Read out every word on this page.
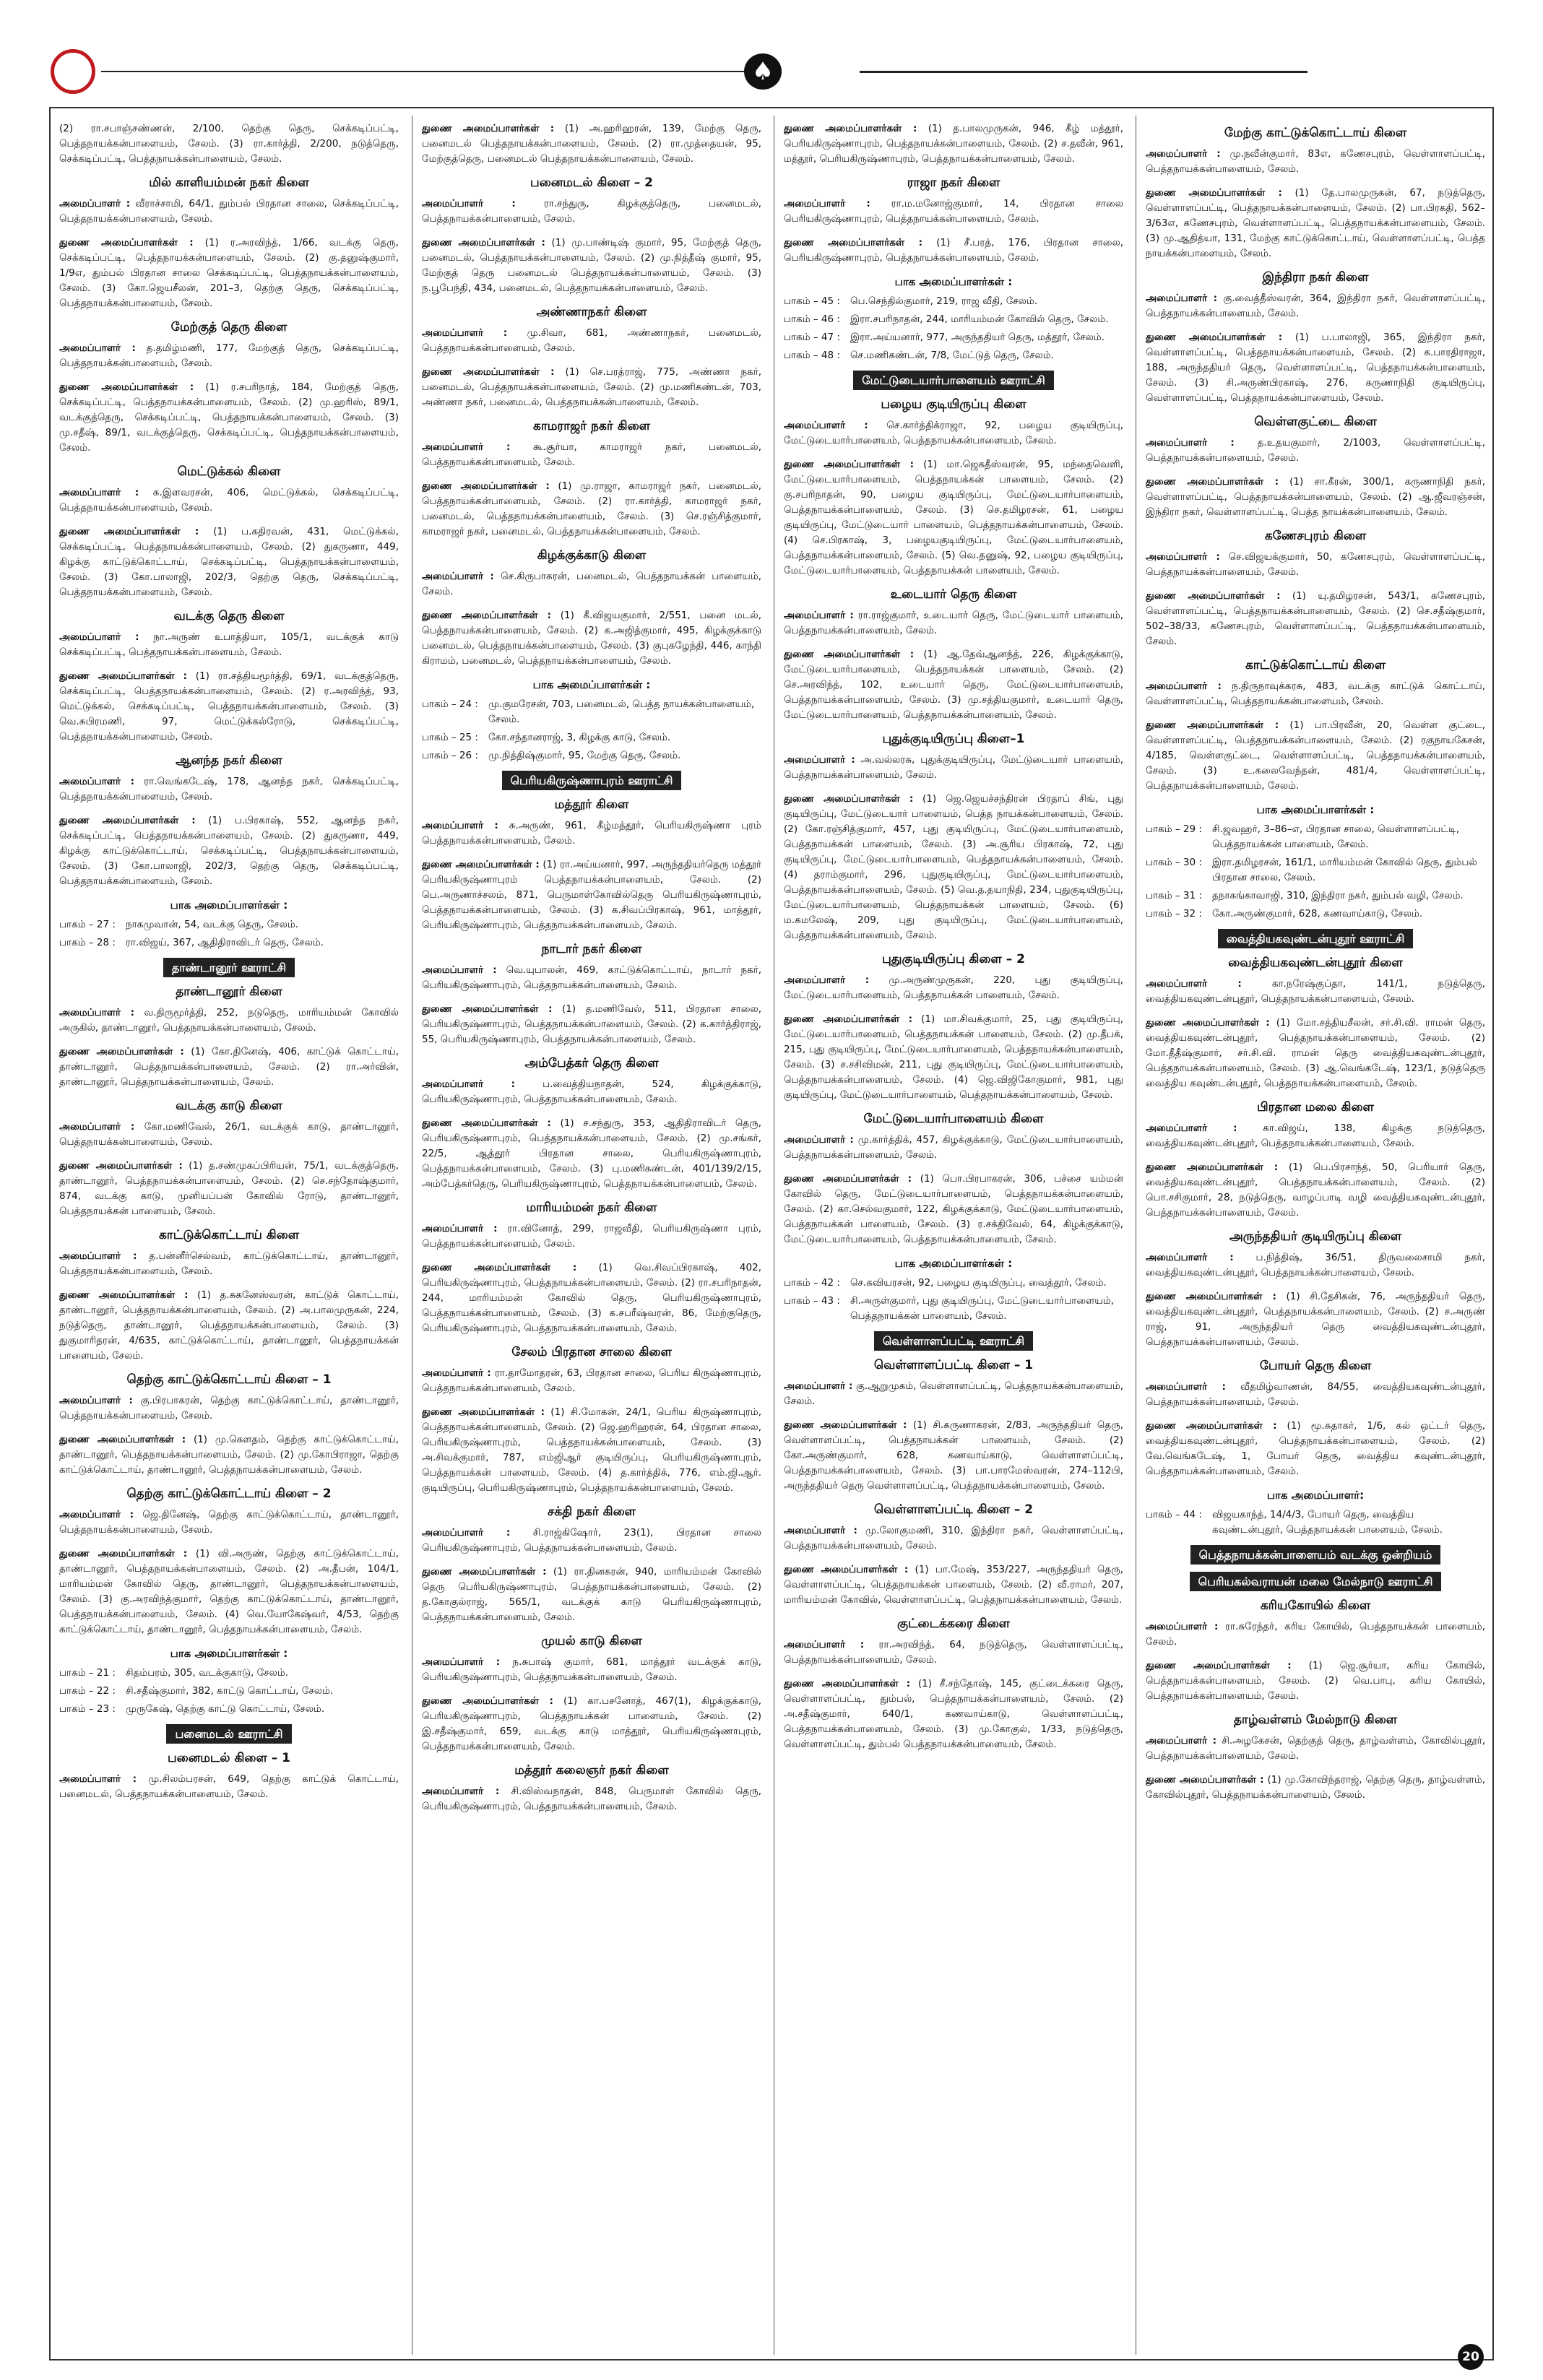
♠
(2) ரா.சபாஞ்சண்ணன், 2/100, தெற்கு தெரு, செக்கடிப்பட்டி, பெத்தநாயக்கன்பாளையம், சேலம். (3) ரா.கார்த்தி, 2/200, நடுத்தெரு, செக்கடிப்பட்டி, பெத்தநாயக்கன்பாளையம், சேலம்.
மில் காளியம்மன் நகர் கிளை
அமைப்பாளர் : வீராச்சாமி, 64/1, தும்பல் பிரதான சாலை, செக்கடிப்பட்டி, பெத்தநாயக்கன்பாளையம், சேலம்.
துணை அமைப்பாளர்கள் : (1) ர.அரவிந்த், 1/66, வடக்கு தெரு, செக்கடிப்பட்டி, பெத்தநாயக்கன்பாளையம், சேலம். (2) கு.தனுஷ்குமார், 1/9எ, தும்பல் பிரதான சாலை செக்கடிப்பட்டி, பெத்தநாயக்கன்பாளையம், சேலம். (3) கோ.ஜெயசீலன், 201–3, தெற்கு தெரு, செக்கடிப்பட்டி, பெத்தநாயக்கன்பாளையம், சேலம்.
மேற்குத் தெரு கிளை
அமைப்பாளர் : த.தமிழ்மணி, 177, மேற்குத் தெரு, செக்கடிப்பட்டி, பெத்தநாயக்கன்பாளையம், சேலம்.
துணை அமைப்பாளர்கள் : (1) ர.சபரிநாத், 184, மேற்குத் தெரு, செக்கடிப்பட்டி, பெத்தநாயக்கன்பாளையம், சேலம். (2) மு.ஹரிஸ், 89/1, வடக்குத்தெரு, செக்கடிப்பட்டி, பெத்தநாயக்கன்பாளையம், சேலம். (3) மு.சதீஷ், 89/1, வடக்குத்தெரு, செக்கடிப்பட்டி, பெத்தநாயக்கன்பாளையம், சேலம்.
மெட்டுக்கல் கிளை
அமைப்பாளர் : சு.இளவரசன், 406, மெட்டுக்கல், செக்கடிப்பட்டி, பெத்தநாயக்கன்பாளையம், சேலம்.
துணை அமைப்பாளர்கள் : (1) ப.கதிரவன், 431, மெட்டுக்கல், செக்கடிப்பட்டி, பெத்தநாயக்கன்பாளையம், சேலம். (2) துகருணா, 449, கிழக்கு காட்டுக்கொட்டாய், செக்கடிப்பட்டி, பெத்தநாயக்கன்பாளையம், சேலம். (3) கோ.பாலாஜி, 202/3, தெற்கு தெரு, செக்கடிப்பட்டி, பெத்தநாயக்கன்பாளையம், சேலம்.
வடக்கு தெரு கிளை
அமைப்பாளர் : நா.அருண் உபாத்தியா, 105/1, வடக்குக் காடு செக்கடிப்பட்டி, பெத்தநாயக்கன்பாளையம், சேலம்.
துணை அமைப்பாளர்கள் : (1) ரா.சத்தியமூர்த்தி, 69/1, வடக்குத்தெரு, செக்கடிப்பட்டி, பெத்தநாயக்கன்பாளையம், சேலம். (2) ர.அரவிந்த், 93, மெட்டுக்கல், செக்கடிப்பட்டி, பெத்தநாயக்கன்பாளையம், சேலம். (3) வெ.சுபிரமணி, 97, மெட்டுக்கல்ரோடு, செக்கடிப்பட்டி, பெத்தநாயக்கன்பாளையம், சேலம்.
ஆனந்த நகர் கிளை
அமைப்பாளர் : ரா.வெங்கடேஷ், 178, ஆனந்த நகர், செக்கடிப்பட்டி, பெத்தநாயக்கன்பாளையம், சேலம்.
துணை அமைப்பாளர்கள் : (1) ப.பிரகாஷ், 552, ஆனந்த நகர், செக்கடிப்பட்டி, பெத்தநாயக்கன்பாளையம், சேலம். (2) துகருணா, 449, கிழக்கு காட்டுக்கொட்டாய், செக்கடிப்பட்டி, பெத்தநாயக்கன்பாளையம், சேலம். (3) கோ.பாலாஜி, 202/3, தெற்கு தெரு, செக்கடிப்பட்டி, பெத்தநாயக்கன்பாளையம், சேலம்.
பாக அமைப்பாளர்கள் :
பாகம் – 27 :	நாகமுவான், 54, வடக்கு தெரு, சேலம்.
பாகம் – 28 :	ரா.விஜய், 367, ஆதிதிராவிடர் தெரு, சேலம்.
தாண்டானூர் ஊராட்சி
தாண்டானூர் கிளை
அமைப்பாளர் : வ.திருமூர்த்தி, 252, நடுதெரு, மாரியம்மன் கோவில் அருகில், தாண்டானூர், பெத்தநாயக்கன்பாளையம், சேலம்.
துணை அமைப்பாளர்கள் : (1) கோ.தினேஷ், 406, காட்டுக் கொட்டாய், தாண்டானூர், பெத்தநாயக்கன்பாளையம், சேலம். (2) ரா.அர்வின், தாண்டானூர், பெத்தநாயக்கன்பாளையம், சேலம்.
வடக்கு காடு கிளை
அமைப்பாளர் : கோ.மணிவேல், 26/1, வடக்குக் காடு, தாண்டானூர், பெத்தநாயக்கன்பாளையம், சேலம்.
துணை அமைப்பாளர்கள் : (1) த.சண்முகப்பிரியன், 75/1, வடக்குத்தெரு, தாண்டானூர், பெத்தநாயக்கன்பாளையம், சேலம். (2) செ.சந்தோஷ்குமார், 874, வடக்கு காடு, முனியப்பன் கோவில் ரோடு, தாண்டானூர், பெத்தநாயக்கன் பாளையம், சேலம்.
காட்டுக்கொட்டாய் கிளை
அமைப்பாளர் : த.பன்னீர்செல்வம், காட்டுக்கொட்டாய், தாண்டானூர், பெத்தநாயக்கன்பாளையம், சேலம்.
துணை அமைப்பாளர்கள் : (1) த.சுகனேஸ்வரன், காட்டுக் கொட்டாய், தாண்டானூர், பெத்தநாயக்கன்பாளையம், சேலம். (2) அ.பாலமுருகன், 224, நடுத்தெரு, தாண்டானூர், பெத்தநாயக்கன்பாளையம், சேலம். (3) துகுமாரிதரன், 4/635, காட்டுக்கொட்டாய், தாண்டானூர், பெத்தநாயக்கன் பாளையம், சேலம்.
தெற்கு காட்டுக்கொட்டாய் கிளை – 1
அமைப்பாளர் : கு.பிரபாகரன், தெற்கு காட்டுக்கொட்டாய், தாண்டானூர், பெத்தநாயக்கன்பாளையம், சேலம்.
துணை அமைப்பாளர்கள் : (1) மு.கௌதம், தெற்கு காட்டுக்கொட்டாய், தாண்டானூர், பெத்தநாயக்கன்பாளையம், சேலம். (2) மு.கோபிராஜா, தெற்கு காட்டுக்கொட்டாய், தாண்டானூர், பெத்தநாயக்கன்பாளையம், சேலம்.
தெற்கு காட்டுக்கொட்டாய் கிளை – 2
அமைப்பாளர் : ஜெ.தினேஷ், தெற்கு காட்டுக்கொட்டாய், தாண்டானூர், பெத்தநாயக்கன்பாளையம், சேலம்.
துணை அமைப்பாளர்கள் : (1) வி.அருண், தெற்கு காட்டுக்கொட்டாய், தாண்டானூர், பெத்தநாயக்கன்பாளையம், சேலம். (2) அ.தீபன், 104/1, மாரியம்மன் கோவில் தெரு, தாண்டானூர், பெத்தநாயக்கன்பாளையம், சேலம். (3) கு.அரவிந்த்குமார், தெற்கு காட்டுக்கொட்டாய், தாண்டானூர், பெத்தநாயக்கன்பாளையம், சேலம். (4) வெ.யோகேஷ்வர், 4/53, தெற்கு காட்டுக்கொட்டாய், தாண்டானூர், பெத்தநாயக்கன்பாளையம், சேலம்.
பாக அமைப்பாளர்கள் :
பாகம் – 21 :	சிதம்பரம், 305, வடக்குகாடு, சேலம்.
பாகம் – 22 :	சி.சதீஷ்குமார், 382, காட்டு கொட்டாய், சேலம்.
பாகம் – 23 :	முருகேஷ், தெற்கு காட்டு கொட்டாய், சேலம்.
பனைமடல் ஊராட்சி
பனைமடல் கிளை – 1
அமைப்பாளர் : மு.சிலம்பரசன், 649, தெற்கு காட்டுக் கொட்டாய், பனைமடல், பெத்தநாயக்கன்பாளையம், சேலம்.
துணை அமைப்பாளர்கள் : (1) அ.ஹரிஹரன், 139, மேற்கு தெரு, பனைமடல் பெத்தநாயக்கன்பாளையம், சேலம். (2) ரா.முத்தையன், 95, மேற்குத்தெரு, பனைமடல் பெத்தநாயக்கன்பாளையம், சேலம்.
பனைமடல் கிளை – 2
அமைப்பாளர் :	ரா.சந்துரு, கிழக்குத்தெரு, பனைமடல், பெத்தநாயக்கன்பாளையம், சேலம்.
துணை அமைப்பாளர்கள் : (1) மு.பாண்டிஷ் குமார், 95, மேற்குத் தெரு, பனைமடல், பெத்தநாயக்கன்பாளையம், சேலம். (2) மு.நித்தீஷ் குமார், 95, மேற்குத் தெரு பனைமடல் பெத்தநாயக்கன்பாளையம், சேலம். (3) ந.பூபேந்தி, 434, பனைமடல், பெத்தநாயக்கன்பாளையம், சேலம்.
அண்ணாநகர் கிளை
அமைப்பாளர் : மு.சிவா, 681, அண்ணாநகர், பனைமடல், பெத்தநாயக்கன்பாளையம், சேலம்.
துணை அமைப்பாளர்கள் : (1) செ.பரத்ராஜ், 775, அண்ணா நகர், பனைமடல், பெத்தநாயக்கன்பாளையம், சேலம். (2) மு.மணிகண்டன், 703, அண்ணா நகர், பனைமடல், பெத்தநாயக்கன்பாளையம், சேலம்.
காமராஜர் நகர் கிளை
அமைப்பாளர் : கூ.சூர்யா, காமராஜர் நகர், பனைமடல், பெத்தநாயக்கன்பாளையம், சேலம்.
துணை அமைப்பாளர்கள் : (1) மு.ராஜா, காமராஜர் நகர், பனைமடல், பெத்தநாயக்கன்பாளையம், சேலம். (2) ரா.கார்த்தி, காமராஜர் நகர், பனைமடல், பெத்தநாயக்கன்பாளையம், சேலம். (3) செ.ரஞ்சித்குமார், காமராஜர் நகர், பனைமடல், பெத்தநாயக்கன்பாளையம், சேலம்.
கிழக்குக்காடு கிளை
அமைப்பாளர் : செ.கிருபாகரன், பனைமடல், பெத்தநாயக்கன் பாளையம், சேலம்.
துணை அமைப்பாளர்கள் : (1) கீ.விஜயகுமார், 2/551, பனை மடல், பெத்தநாயக்கன்பாளையம், சேலம். (2) க.அஜித்குமார், 495, கிழக்குக்காடு பனைமடல், பெத்தநாயக்கன்பாளையம், சேலம். (3) குபுகழேந்தி, 446, காந்தி கிராமம், பனைமடல், பெத்தநாயக்கன்பாளையம், சேலம்.
பாக அமைப்பாளர்கள் :
பாகம் – 24 :	மு.குமரேசன், 703, பனைமடல், பெத்த நாயக்கன்பாளையம், சேலம்.
பாகம் – 25 :	கோ.சந்தானராஜ், 3, கிழக்கு காடு, சேலம்.
பாகம் – 26 :	மு.நித்திஷ்குமார், 95, மேற்கு தெரு, சேலம்.
பெரியகிருஷ்ணாபுரம் ஊராட்சி
மத்தூர் கிளை
அமைப்பாளர் : சு.அருண், 961, கீழ்மத்தூர், பெரியகிருஷ்ணா புரம் பெத்தநாயக்கன்பாளையம், சேலம்.
துணை அமைப்பாளர்கள் : (1) ரா.அய்யனார், 997, அருந்ததியர்தெரு மத்தூர் பெரியகிருஷ்ணாபுரம் பெத்தநாயக்கன்பாளையம், சேலம். (2) பெ.அருணாச்சலம், 871, பெருமாள்கோவில்தெரு பெரியகிருஷ்ணாபுரம், பெத்தநாயக்கன்பாளையம், சேலம். (3) க.சிவப்பிரகாஷ், 961, மாத்தூர், பெரியகிருஷ்ணாபுரம், பெத்தநாயக்கன்பாளையம், சேலம்.
நாடார் நகர் கிளை
அமைப்பாளர் : வெ.யுபாலன், 469, காட்டுக்கொட்டாய், நாடார் நகர், பெரியகிருஷ்ணாபுரம், பெத்தநாயக்கன்பாளையம், சேலம்.
துணை அமைப்பாளர்கள் : (1) த.மணிவேல், 511, பிரதான சாலை, பெரியகிருஷ்ணாபுரம், பெத்தநாயக்கன்பாளையம், சேலம். (2) க.கார்த்திராஜ், 55, பெரியகிருஷ்ணாபுரம், பெத்தநாயக்கன்பாளையம், சேலம்.
அம்பேத்கர் தெரு கிளை
அமைப்பாளர் :	ப.வைத்தியநாதன், 524, கிழக்குக்காடு, பெரியகிருஷ்ணாபுரம், பெத்தநாயக்கன்பாளையம், சேலம்.
துணை அமைப்பாளர்கள் : (1) ச.சந்துரு, 353, ஆதிதிராவிடர் தெரு, பெரியகிருஷ்ணாபுரம், பெத்தநாயக்கன்பாளையம், சேலம். (2) மு.சங்கர், 22/5, ஆத்தூர் பிரதான சாலை, பெரியகிருஷ்ணாபுரம், பெத்தநாயக்கன்பாளையம், சேலம். (3) பு.மணிகண்டன், 401/139/2/15, அம்பேத்கர்தெரு, பெரியகிருஷ்ணாபுரம், பெத்தநாயக்கன்பாளையம், சேலம்.
மாரியம்மன் நகர் கிளை
அமைப்பாளர் : ரா.வினோத், 299, ராஜவீதி, பெரியகிருஷ்ணா புரம், பெத்தநாயக்கன்பாளையம், சேலம்.
துணை அமைப்பாளர்கள் : (1) வெ.சிவப்பிரகாஷ், 402, பெரியகிருஷ்ணாபுரம், பெத்தநாயக்கன்பாளையம், சேலம். (2) ரா.சபரிநாதன், 244, மாரியம்மன் கோவில் தெரு, பெரியகிருஷ்ணாபுரம், பெத்தநாயக்கன்பாளையம், சேலம். (3) க.சபரீஷ்வரன், 86, மேற்குதெரு, பெரியகிருஷ்ணாபுரம், பெத்தநாயக்கன்பாளையம், சேலம்.
சேலம் பிரதான சாலை கிளை
அமைப்பாளர் : ரா.தாமோதரன், 63, பிரதான சாலை, பெரிய கிருஷ்ணாபுரம், பெத்தநாயக்கன்பாளையம், சேலம்.
துணை அமைப்பாளர்கள் : (1) சி.மோகன், 24/1, பெரிய கிருஷ்ணாபுரம், பெத்தநாயக்கன்பாளையம், சேலம். (2) ஜெ.ஹரிஹரன், 64, பிரதான சாலை, பெரியகிருஷ்ணாபுரம், பெத்தநாயக்கன்பாளையம், சேலம். (3) அ.சிவக்குமார், 787, எம்ஜிஆர் குடியிருப்பு, பெரியகிருஷ்ணாபுரம், பெத்தநாயக்கன் பாளையம், சேலம். (4) த.கார்த்திக், 776, எம்.ஜி.ஆர். குடியிருப்பு, பெரியகிருஷ்ணாபுரம், பெத்தநாயக்கன்பாளையம், சேலம்.
சக்தி நகர் கிளை
அமைப்பாளர் : சி.ராஜ்கிஷோர், 23(1), பிரதான சாலை பெரியகிருஷ்ணாபுரம், பெத்தநாயக்கன்பாளையம், சேலம்.
துணை அமைப்பாளர்கள் : (1) ரா.தினகரன், 940, மாரியம்மன் கோவில் தெரு பெரியகிருஷ்ணாபுரம், பெத்தநாயக்கன்பாளையம், சேலம். (2) த.கோகுல்ராஜ், 565/1, வடக்குக் காடு பெரியகிருஷ்ணாபுரம், பெத்தநாயக்கன்பாளையம், சேலம்.
முயல் காடு கிளை
அமைப்பாளர் : ந.சுபாஷ் குமார், 681, மாத்தூர் வடக்குக் காடு, பெரியகிருஷ்ணாபுரம், பெத்தநாயக்கன்பாளையம், சேலம்.
துணை அமைப்பாளர்கள் : (1) கா.பசனோத், 467(1), கிழக்குக்காடு, பெரியகிருஷ்ணாபுரம், பெத்தநாயக்கன் பாளையம், சேலம். (2) இ.சதீஷ்குமார், 659, வடக்கு காடு மாத்தூர், பெரியகிருஷ்ணாபுரம், பெத்தநாயக்கன்பாளையம், சேலம்.
மத்தூர் கலைஞர் நகர் கிளை
அமைப்பாளர் : சி.விஸ்வநாதன், 848, பெருமாள் கோவில் தெரு, பெரியகிருஷ்ணாபுரம், பெத்தநாயக்கன்பாளையம், சேலம்.
துணை அமைப்பாளர்கள் : (1) த.பாலமுருகன், 946, கீழ் மத்தூர், பெரியகிருஷ்ணாபுரம், பெத்தநாயக்கன்பாளையம், சேலம். (2) ச.தவீன், 961, மத்தூர், பெரியகிருஷ்ணாபுரம், பெத்தநாயக்கன்பாளையம், சேலம்.
ராஜா நகர் கிளை
அமைப்பாளர் : ரா.ம.மனோஜ்குமார், 14, பிரதான சாலை பெரியகிருஷ்ணாபுரம், பெத்தநாயக்கன்பாளையம், சேலம்.
துணை அமைப்பாளர்கள் : (1) சீ.பரத், 176, பிரதான சாலை, பெரியகிருஷ்ணாபுரம், பெத்தநாயக்கன்பாளையம், சேலம்.
பாக அமைப்பாளர்கள் :
பாகம் – 45 :	பெ.செந்தில்குமார், 219, ராஜ வீதி, சேலம்.
பாகம் – 46 :	இரா.சபரிநாதன், 244, மாரியம்மன் கோவில் தெரு, சேலம்.
பாகம் – 47 :	இரா.அய்யனார், 977, அருந்ததியர் தெரு, மத்தூர், சேலம்.
பாகம் – 48 :	செ.மணிகண்டன், 7/8, மேட்டுத் தெரு, சேலம்.
மேட்டுடையார்பாளையம் ஊராட்சி
பழைய குடியிருப்பு கிளை
அமைப்பாளர் : செ.கார்த்திக்ராஜா, 92, பழைய குடியிருப்பு, மேட்டுடையார்பாளையம், பெத்தநாயக்கன்பாளையம், சேலம்.
துணை அமைப்பாளர்கள் : (1) மா.ஜெகதீஸ்வரன், 95, மந்தைவெளி, மேட்டுடையார்பாளையம், பெத்தநாயக்கன் பாளையம், சேலம். (2) கு.சபரிநாதன், 90, பழைய குடியிருப்பு, மேட்டுடையார்பாளையம், பெத்தநாயக்கன்பாளையம், சேலம். (3) செ.தமிழரசன், 61, பழைய குடியிருப்பு, மேட்டுடையார் பாளையம், பெத்தநாயக்கன்பாளையம், சேலம். (4) செ.பிரகாஷ், 3, பழையகுடியிருப்பு, மேட்டுடையார்பாளையம், பெத்தநாயக்கன்பாளையம், சேலம். (5) வெ.தனுஷ், 92, பழைய குடியிருப்பு, மேட்டுடையார்பாளையம், பெத்தநாயக்கன் பாளையம், சேலம்.
உடையார் தெரு கிளை
அமைப்பாளர் : ரா.ராஜ்குமார், உடையார் தெரு, மேட்டுடையார் பாளையம், பெத்தநாயக்கன்பாளையம், சேலம்.
துணை அமைப்பாளர்கள் : (1) ஆ.தேவ்ஆனந்த், 226, கிழக்குக்காடு, மேட்டுடையார்பாளையம், பெத்தநாயக்கன் பாளையம், சேலம். (2) செ.அரவிந்த், 102, உடையார் தெரு, மேட்டுடையார்பாளையம், பெத்தநாயக்கன்பாளையம், சேலம். (3) மு.சத்தியகுமார், உடையார் தெரு, மேட்டுடையார்பாளையம், பெத்தநாயக்கன்பாளையம், சேலம்.
புதுக்குடியிருப்பு கிளை–1
அமைப்பாளர் : அ.வல்லரசு, புதுக்குடியிருப்பு, மேட்டுடையார் பாளையம், பெத்தநாயக்கன்பாளையம், சேலம்.
துணை அமைப்பாளர்கள் : (1) ஜெ.ஜெயச்சந்திரன் பிரதாப் சிங், புது குடியிருப்பு, மேட்டுடையார் பாளையம், பெத்த நாயக்கன்பாளையம், சேலம். (2) கோ.ரஞ்சித்குமார், 457, புது குடியிருப்பு, மேட்டுடையார்பாளையம், பெத்தநாயக்கன் பாளையம், சேலம். (3) அ.சூரிய பிரகாஷ், 72, புது குடியிருப்பு, மேட்டுடையார்பாளையம், பெத்தநாயக்கன்பாளையம், சேலம். (4) தராம்குமார், 296, புதுகுடியிருப்பு, மேட்டுடையார்பாளையம், பெத்தநாயக்கன்பாளையம், சேலம். (5) வெ.த.தயாநிதி, 234, புதுகுடியிருப்பு, மேட்டுடையார்பாளையம், பெத்தநாயக்கன் பாளையம், சேலம். (6) ம.கமலேஷ், 209, புது குடியிருப்பு, மேட்டுடையார்பாளையம், பெத்தநாயக்கன்பாளையம், சேலம்.
புதுகுடியிருப்பு கிளை – 2
அமைப்பாளர் : மு.அருண்முருகன், 220, புது குடியிருப்பு, மேட்டுடையார்பாளையம், பெத்தநாயக்கன் பாளையம், சேலம்.
துணை அமைப்பாளர்கள் : (1) மா.சிவக்குமார், 25, புது குடியிருப்பு, மேட்டுடையார்பாளையம், பெத்தநாயக்கன் பாளையம், சேலம். (2) மு.தீபக், 215, புது குடியிருப்பு, மேட்டுடையார்பாளையம், பெத்தநாயக்கன்பாளையம், சேலம். (3) ச.சசிவிமன், 211, புது குடியிருப்பு, மேட்டுடையார்பாளையம், பெத்தநாயக்கன்பாளையம், சேலம். (4) ஜெ.விஜிகோகுமார், 981, புது குடியிருப்பு, மேட்டுடையார்பாளையம், பெத்தநாயக்கன்பாளையம், சேலம்.
மேட்டுடையார்பாளையம் கிளை
அமைப்பாளர் : மு.கார்த்திக், 457, கிழக்குக்காடு, மேட்டுடையார்பாளையம், பெத்தநாயக்கன்பாளையம், சேலம்.
துணை அமைப்பாளர்கள் : (1) பொ.பிரபாகரன், 306, பச்சை யம்மன் கோவில் தெரு, மேட்டுடையார்பாளையம், பெத்தநாயக்கன்பாளையம், சேலம். (2) கா.செல்வகுமார், 122, கிழக்குக்காடு, மேட்டுடையார்பாளையம், பெத்தநாயக்கன் பாளையம், சேலம். (3) ர.சக்திவேல், 64, கிழக்குக்காடு, மேட்டுடையார்பாளையம், பெத்தநாயக்கன்பாளையம், சேலம்.
பாக அமைப்பாளர்கள் :
பாகம் – 42 :	செ.கவியரசன், 92, பழைய குடியிருப்பு, வைத்தூர், சேலம்.
பாகம் – 43 :	சி.அருள்குமார், புது குடியிருப்பு, மேட்டுடையார்பாளையம், பெத்தநாயக்கன் பாளையம், சேலம்.
வெள்ளாளப்பட்டி ஊராட்சி
வெள்ளாளப்பட்டி கிளை – 1
அமைப்பாளர் : கு.ஆறுமுகம், வெள்ளாளப்பட்டி, பெத்தநாயக்கன்பாளையம், சேலம்.
துணை அமைப்பாளர்கள் : (1) சி.கருணாகரன், 2/83, அருந்ததியர் தெரு, வெள்ளாளப்பட்டி, பெத்தநாயக்கன் பாளையம், சேலம். (2) கோ.அருண்குமார், 628, கணவாய்காடு, வெள்ளாளப்பட்டி, பெத்தநாயக்கன்பாளையம், சேலம். (3) பா.பாரமேஸ்வரன், 274–112பி, அருந்ததியர் தெரு வெள்ளாளப்பட்டி, பெத்தநாயக்கன்பாளையம், சேலம்.
வெள்ளாளப்பட்டி கிளை – 2
அமைப்பாளர் : மு.லோகுமணி, 310, இந்திரா நகர், வெள்ளாளப்பட்டி, பெத்தநாயக்கன்பாளையம், சேலம்.
துணை அமைப்பாளர்கள் : (1) பா.மேஷ், 353/227, அருந்ததியர் தெரு, வெள்ளாளப்பட்டி, பெத்தநாயக்கன் பாளையம், சேலம். (2) வீ.ராமர், 207, மாரியம்மன் கோவில், வெள்ளாளப்பட்டி, பெத்தநாயக்கன்பாளையம், சேலம்.
குட்டைக்கரை கிளை
அமைப்பாளர் : ரா.அரவிந்த், 64, நடுத்தெரு, வெள்ளாளப்பட்டி, பெத்தநாயக்கன்பாளையம், சேலம்.
துணை அமைப்பாளர்கள் : (1) சீ.சந்தோஷ், 145, குட்டைக்கரை தெரு, வெள்ளாளப்பட்டி, தும்பல், பெத்தநாயக்கன்பாளையம், சேலம். (2) அ.சதீஷ்குமார், 640/1, கணவாய்காடு, வெள்ளாளப்பட்டி, பெத்தநாயக்கன்பாளையம், சேலம். (3) மு.கோகுல், 1/33, நடுத்தெரு, வெள்ளாளப்பட்டி, தும்பல் பெத்தநாயக்கன்பாளையம், சேலம்.
மேற்கு காட்டுக்கொட்டாய் கிளை
அமைப்பாளர் : மு.நவீன்குமார், 83எ, கணேசபுரம், வெள்ளாளப்பட்டி, பெத்தநாயக்கன்பாளையம், சேலம்.
துணை அமைப்பாளர்கள் : (1) தே.பாலமுருகன், 67, நடுத்தெரு, வெள்ளாளப்பட்டி, பெத்தநாயக்கன்பாளையம், சேலம். (2) பா.பிரகதி, 562–3/63எ, கணேசபுரம், வெள்ளாளப்பட்டி, பெத்தநாயக்கன்பாளையம், சேலம். (3) மு.ஆதித்யா, 131, மேற்கு காட்டுக்கொட்டாய், வெள்ளாளப்பட்டி, பெத்த நாயக்கன்பாளையம், சேலம்.
இந்திரா நகர் கிளை
அமைப்பாளர் : கு.வைத்தீஸ்வரன், 364, இந்திரா நகர், வெள்ளாளப்பட்டி, பெத்தநாயக்கன்பாளையம், சேலம்.
துணை அமைப்பாளர்கள் : (1) ப.பாலாஜி, 365, இந்திரா நகர், வெள்ளாளப்பட்டி, பெத்தநாயக்கன்பாளையம், சேலம். (2) க.பாரதிராஜா, 188, அருந்ததியர் தெரு, வெள்ளாளப்பட்டி, பெத்தநாயக்கன்பாளையம், சேலம். (3) சி.அருண்பிரகாஷ், 276, கருணாநிதி குடியிருப்பு, வெள்ளாளப்பட்டி, பெத்தநாயக்கன்பாளையம், சேலம்.
வெள்ளகுட்டை கிளை
அமைப்பாளர் : த.உதயகுமார், 2/1003, வெள்ளாளப்பட்டி, பெத்தநாயக்கன்பாளையம், சேலம்.
துணை அமைப்பாளர்கள் : (1) சா.கீரன், 300/1, கருணாநிதி நகர், வெள்ளாளப்பட்டி, பெத்தநாயக்கன்பாளையம், சேலம். (2) ஆ.ஜீவரஞ்சன், இந்திரா நகர், வெள்ளாளப்பட்டி, பெத்த நாயக்கன்பாளையம், சேலம்.
கணேசபுரம் கிளை
அமைப்பாளர் : செ.விஜயக்குமார், 50, கணேசபுரம், வெள்ளாளப்பட்டி, பெத்தநாயக்கன்பாளையம், சேலம்.
துணை அமைப்பாளர்கள் : (1) யு.தமிழரசன், 543/1, கணேசபுரம், வெள்ளாளப்பட்டி, பெத்தநாயக்கன்பாளையம், சேலம். (2) செ.சதீஷ்குமார், 502–38/33, கணேசபுரம், வெள்ளாளப்பட்டி, பெத்தநாயக்கன்பாளையம், சேலம்.
காட்டுக்கொட்டாய் கிளை
அமைப்பாளர் : ந.திருநாவுக்கரசு, 483, வடக்கு காட்டுக் கொட்டாய், வெள்ளாளப்பட்டி, பெத்தநாயக்கன்பாளையம், சேலம்.
துணை அமைப்பாளர்கள் : (1) பா.பிரவீன், 20, வெள்ள குட்டை, வெள்ளாளப்பட்டி, பெத்தநாயக்கன்பாளையம், சேலம். (2) ரகுநாயகேசன், 4/185, வெள்ளகுட்டை, வெள்ளாளப்பட்டி, பெத்தநாயக்கன்பாளையம், சேலம். (3) உ.கலைவேந்தன், 481/4, வெள்ளாளப்பட்டி, பெத்தநாயக்கன்பாளையம், சேலம்.
பாக அமைப்பாளர்கள் :
பாகம் – 29 :	சி.ஜவஹர், 3–86–எ, பிரதான சாலை, வெள்ளாளப்பட்டி, பெத்தநாயக்கன் பாளையம், சேலம்.
பாகம் – 30 :	இரா.தமிழரசன், 161/1, மாரியம்மன் கோவில் தெரு, தும்பல் பிரதான சாலை, சேலம்.
பாகம் – 31 :	தநாகங்காவாஜி, 310, இந்திரா நகர், தும்பல் வழி, சேலம்.
பாகம் – 32 :	கோ.அருண்குமார், 628, கணவாய்காடு, சேலம்.
வைத்தியகவுண்டன்புதூர் ஊராட்சி
வைத்தியகவுண்டன்புதூர் கிளை
அமைப்பாளர் :	கா.நரேஷ்குப்தா, 141/1, நடுத்தெரு, வைத்தியகவுண்டன்புதூர், பெத்தநாயக்கன்பாளையம், சேலம்.
துணை அமைப்பாளர்கள் : (1) மோ.சத்தியசீலன், சர்.சி.வி. ராமன் தெரு, வைத்தியகவுண்டன்புதூர், பெத்தநாயக்கன்பாளையம், சேலம். (2) மோ.தீதீஷ்குமார், சர்.சி.வி. ராமன் தெரு வைத்தியகவுண்டன்புதூர், பெத்தநாயக்கன்பாளையம், சேலம். (3) ஆ.வெங்கடேஷ், 123/1, நடுத்தெரு வைத்திய கவுண்டன்புதூர், பெத்தநாயக்கன்பாளையம், சேலம்.
பிரதான மலை கிளை
அமைப்பாளர் :	கா.விஜய், 138, கிழக்கு நடுத்தெரு, வைத்தியகவுண்டன்புதூர், பெத்தநாயக்கன்பாளையம், சேலம்.
துணை அமைப்பாளர்கள் : (1) பெ.பிரசாந்த், 50, பெரியார் தெரு, வைத்தியகவுண்டன்புதூர், பெத்தநாயக்கன்பாளையம், சேலம். (2) பொ.சசிகுமார், 28, நடுத்தெரு, வாழப்பாடி வழி வைத்தியகவுண்டன்புதூர், பெத்தநாயக்கன்பாளையம், சேலம்.
அருந்ததியர் குடியிருப்பு கிளை
அமைப்பாளர் : ப.நித்திஷ், 36/51, திருவலைசாமி நகர், வைத்தியகவுண்டன்புதூர், பெத்தநாயக்கன்பாளையம், சேலம்.
துணை அமைப்பாளர்கள் : (1) சி.தேசிகன், 76, அருந்ததியர் தெரு, வைத்தியகவுண்டன்புதூர், பெத்தநாயக்கன்பாளையம், சேலம். (2) ச.அருண் ராஜ், 91, அருந்ததியர் தெரு வைத்தியகவுண்டன்புதூர், பெத்தநாயக்கன்பாளையம், சேலம்.
போயர் தெரு கிளை
அமைப்பாளர் : வீதமிழ்வாணன், 84/55, வைத்தியகவுண்டன்புதூர், பெத்தநாயக்கன்பாளையம், சேலம்.
துணை அமைப்பாளர்கள் : (1) மூ.சுதாகர், 1/6, கல் ஒட்டர் தெரு, வைத்தியகவுண்டன்புதூர், பெத்தநாயக்கன்பாளையம், சேலம். (2) வே.வெங்கடேஷ், 1, போயர் தெரு, வைத்திய கவுண்டன்புதூர், பெத்தநாயக்கன்பாளையம், சேலம்.
பாக அமைப்பாளர்:
பாகம் – 44 :	விஜயகாந்த், 14/4/3, போயர் தெரு, வைத்திய கவுண்டன்புதூர், பெத்தநாயக்கன் பாளையம், சேலம்.
பெத்தநாயக்கன்பாளையம் வடக்கு ஒன்றியம்
பெரியகல்வராயன் மலை மேல்நாடு ஊராட்சி
கரியகோயில் கிளை
அமைப்பாளர் : ரா.சுரேந்தர், கரிய கோயில், பெத்தநாயக்கன் பாளையம், சேலம்.
துணை அமைப்பாளர்கள் : (1) ஜெ.சூர்யா, கரிய கோயில், பெத்தநாயக்கன்பாளையம், சேலம். (2) வெ.பாபு, கரிய கோயில், பெத்தநாயக்கன்பாளையம், சேலம்.
தாழ்வள்ளம் மேல்நாடு கிளை
அமைப்பாளர் : சி.அழகேசன், தெற்குத் தெரு, தாழ்வள்ளம், கோவில்புதூர், பெத்தநாயக்கன்பாளையம், சேலம்.
துணை அமைப்பாளர்கள் : (1) மு.கோவிந்தராஜ், தெற்கு தெரு, தாழ்வள்ளம், கோவில்புதூர், பெத்தநாயக்கன்பாளையம், சேலம்.
20
